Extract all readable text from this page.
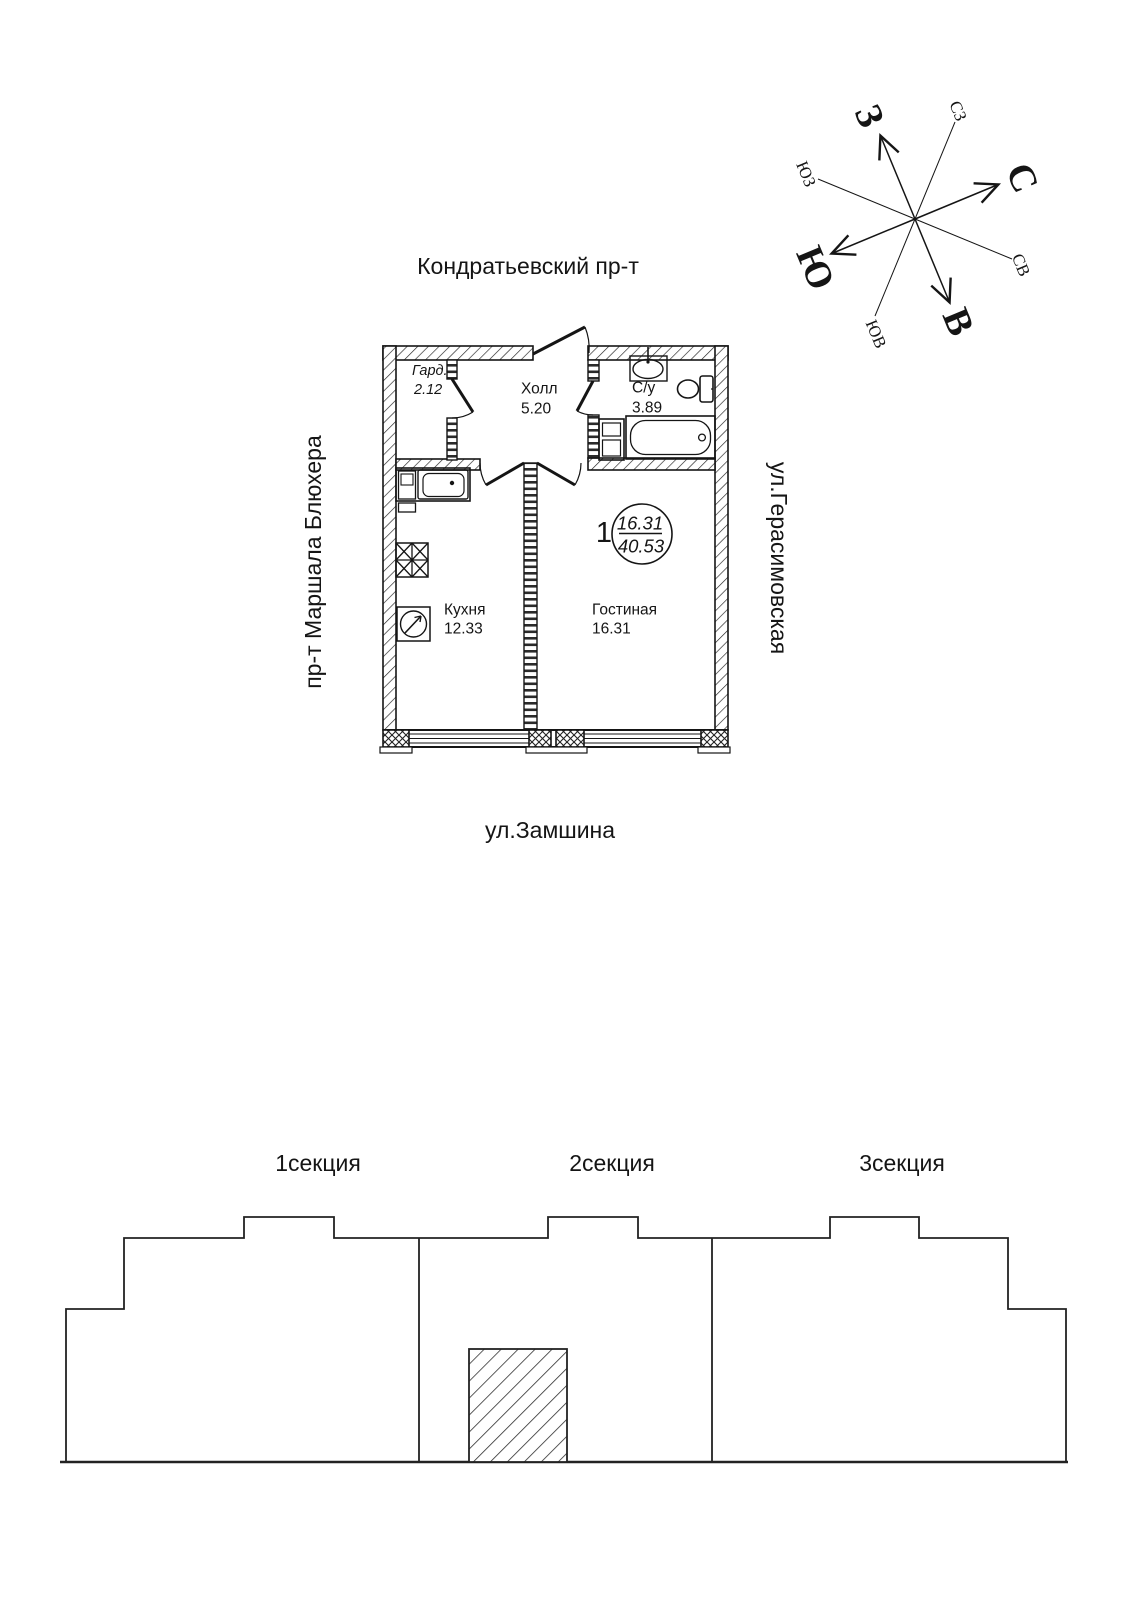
С
З
Ю
В
СЗ
СВ
ЮЗ
ЮВ
Кондратьевский пр-т
пр-т Маршала Блюхера	ул.Герасимовская
ул.Замшина
Гард.
2.12	Холл
5.20
С/у
3.89
Кухня
12.33
Гостиная
16.31
1 16.31
40.53
1секция	2секция	3секция
